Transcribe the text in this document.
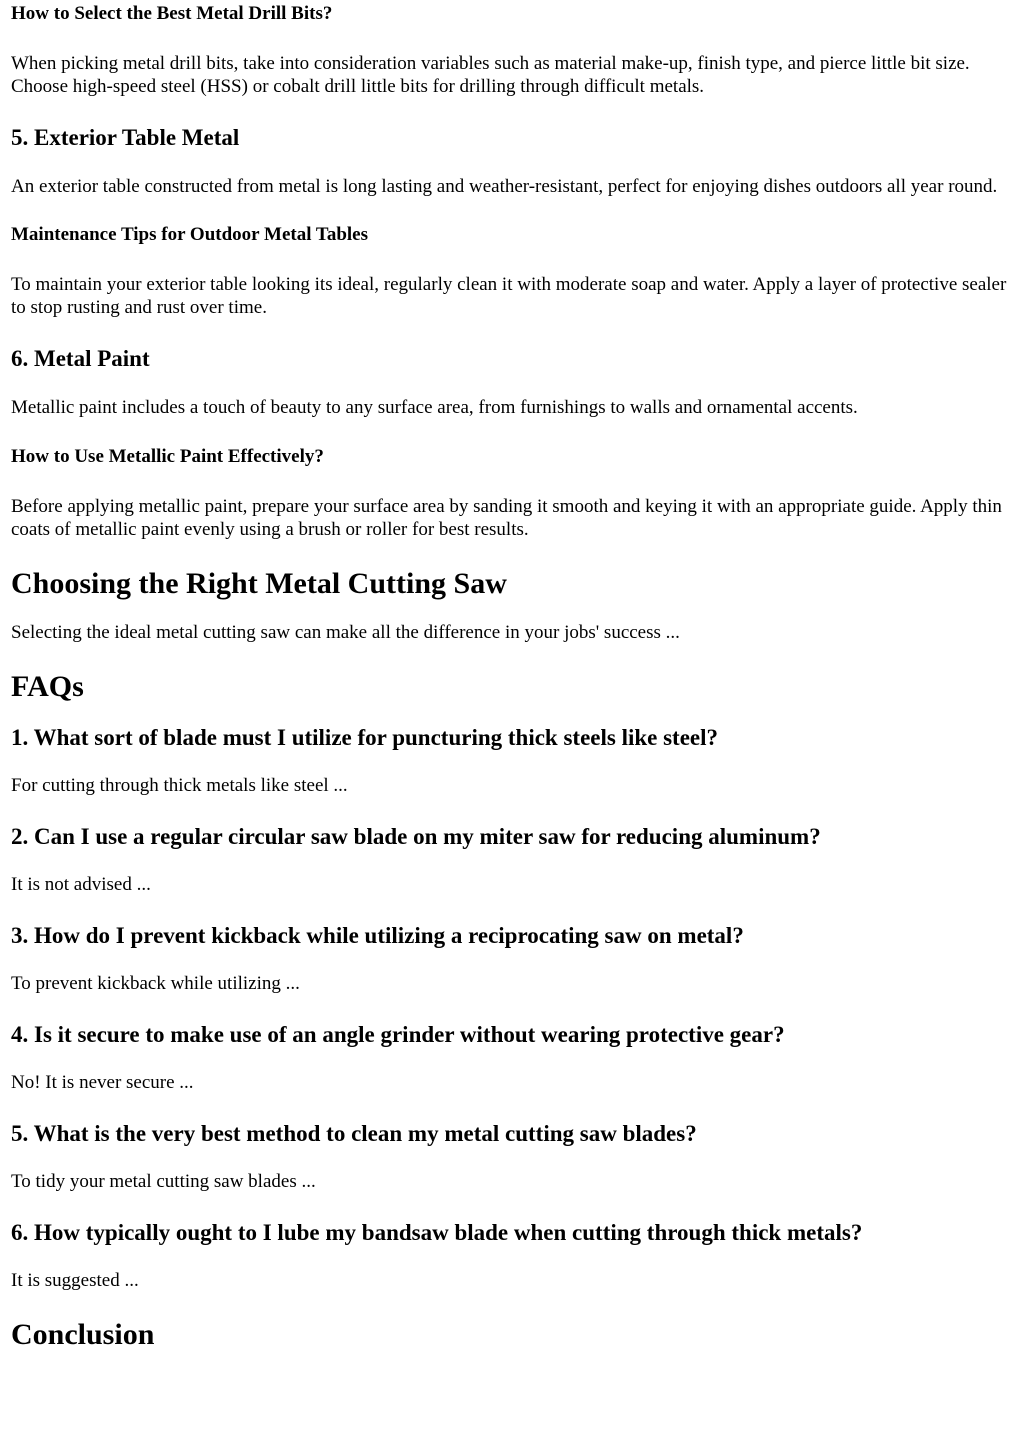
How to Select the Best Metal Drill Bits?

When picking metal drill bits, take into consideration variables such as material make-up, finish type, and pierce little bit size. Choose high-speed steel (HSS) or cobalt drill little bits for drilling through difficult metals.

5. Exterior Table Metal

An exterior table constructed from metal is long lasting and weather-resistant, perfect for enjoying dishes outdoors all year round.

Maintenance Tips for Outdoor Metal Tables

To maintain your exterior table looking its ideal, regularly clean it with moderate soap and water. Apply a layer of protective sealer to stop rusting and rust over time.

6. Metal Paint

Metallic paint includes a touch of beauty to any surface area, from furnishings to walls and ornamental accents.

How to Use Metallic Paint Effectively?

Before applying metallic paint, prepare your surface area by sanding it smooth and keying it with an appropriate guide. Apply thin coats of metallic paint evenly using a brush or roller for best results.

Choosing the Right Metal Cutting Saw

Selecting the ideal metal cutting saw can make all the difference in your jobs' success ...

FAQs
1. What sort of blade must I utilize for puncturing thick steels like steel?

For cutting through thick metals like steel ...

2. Can I use a regular circular saw blade on my miter saw for reducing aluminum?

It is not advised ...

3. How do I prevent kickback while utilizing a reciprocating saw on metal?

To prevent kickback while utilizing ...

4. Is it secure to make use of an angle grinder without wearing protective gear?

No! It is never secure ...

5. What is the very best method to clean my metal cutting saw blades?

To tidy your metal cutting saw blades ...

6. How typically ought to I lube my bandsaw blade when cutting through thick metals?

It is suggested ...

Conclusion
